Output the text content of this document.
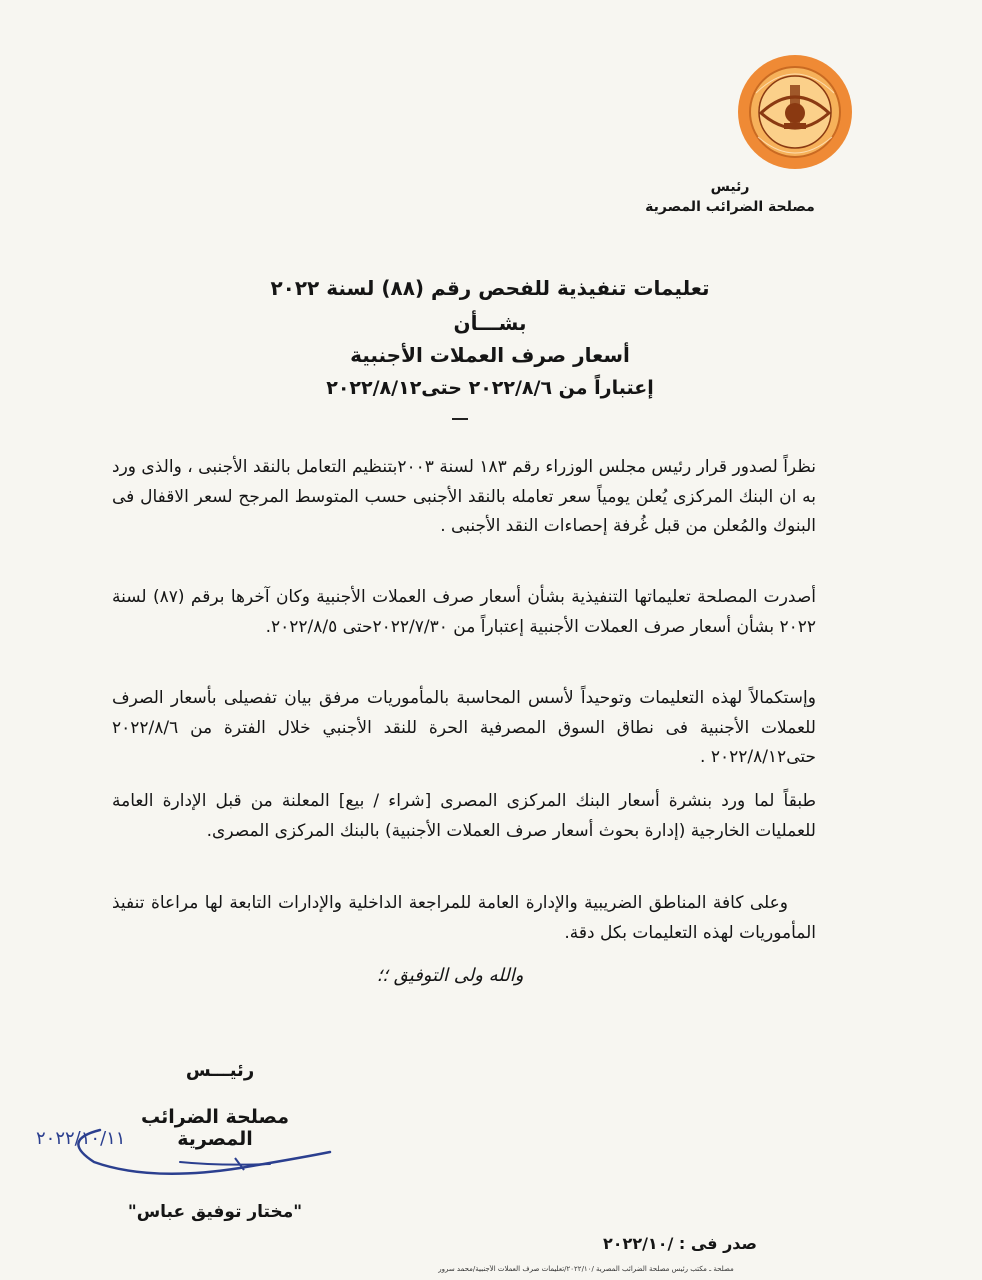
رئيس
مصلحة الضرائب المصرية
تعليمات تنفيذية للفحص رقم (٨٨) لسنة ٢٠٢٢
بشـــأن
أسعار صرف العملات الأجنبية
إعتباراً من ٢٠٢٢/٨/٦ حتى٢٠٢٢/٨/١٢

نظراً لصدور قرار رئيس مجلس الوزراء رقم ١٨٣ لسنة ٢٠٠٣بتنظيم التعامل بالنقد الأجنبى ، والذى ورد به ان البنك المركزى يُعلن يومياً سعر تعامله بالنقد الأجنبى حسب المتوسط المرجح لسعر الاقفال فى البنوك والمُعلن من قبل غُرفة إحصاءات النقد الأجنبى .

أصدرت المصلحة تعليماتها التنفيذية بشأن أسعار صرف العملات الأجنبية وكان آخرها برقم (٨٧) لسنة ٢٠٢٢ بشأن أسعار صرف العملات الأجنبية إعتباراً من ٢٠٢٢/٧/٣٠حتى ٢٠٢٢/٨/٥.

وإستكمالاً لهذه التعليمات وتوحيداً لأسس المحاسبة بالمأموريات مرفق بيان تفصيلى بأسعار الصرف للعملات الأجنبية فى نطاق السوق المصرفية الحرة للنقد الأجنبي خلال الفترة من ٢٠٢٢/٨/٦ حتى٢٠٢٢/٨/١٢ .

طبقاً لما ورد بنشرة أسعار البنك المركزى المصرى [شراء / بيع] المعلنة من قبل الإدارة العامة للعمليات الخارجية (إدارة بحوث أسعار صرف العملات الأجنبية) بالبنك المركزى المصرى.

وعلى كافة المناطق الضريبية والإدارة العامة للمراجعة الداخلية والإدارات التابعة لها مراعاة تنفيذ المأموريات لهذه التعليمات بكل دقة.

والله ولى التوفيق ؛؛
رئيـــس
مصلحة الضرائب المصرية
٢٠٢٢/١٠/١١
"مختار توفيق عباس"
صدر فى : /٢٠٢٢/١٠
مصلحة ـ مكتب رئيس مصلحة الضرائب المصرية /٢٠٢٢/١٠/تعليمات صرف العملات الأجنبية/محمد سرور
